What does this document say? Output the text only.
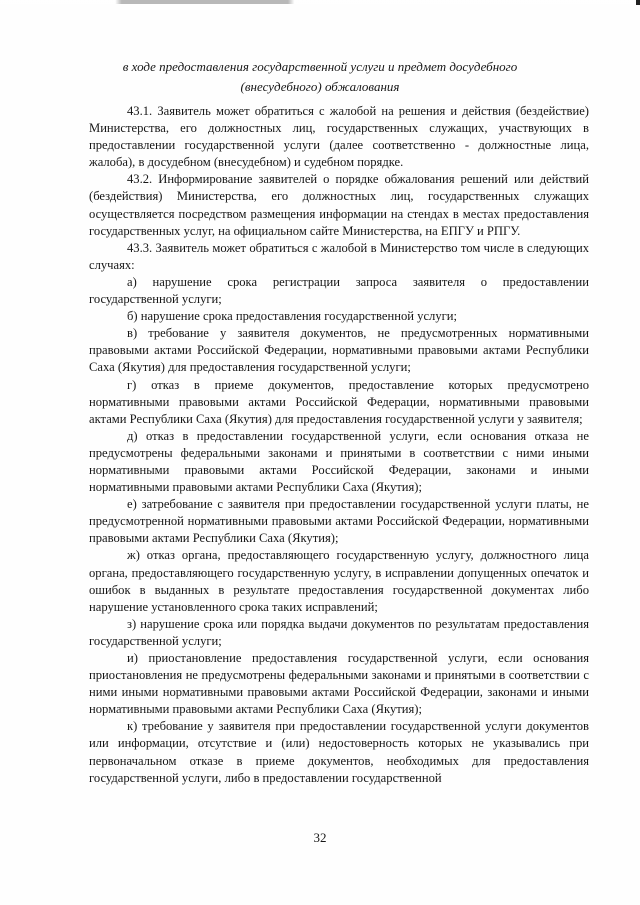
в ходе предоставления государственной услуги и предмет досудебного
(внесудебного) обжалования

43.1. Заявитель может обратиться с жалобой на решения и действия (бездействие) Министерства, его должностных лиц, государственных служащих, участвующих в предоставлении государственной услуги (далее соответственно - должностные лица, жалоба), в досудебном (внесудебном) и судебном порядке.

43.2. Информирование заявителей о порядке обжалования решений или действий (бездействия) Министерства, его должностных лиц, государственных служащих осуществляется посредством размещения информации на стендах в местах предоставления государственных услуг, на официальном сайте Министерства, на ЕПГУ и РПГУ.

43.3. Заявитель может обратиться с жалобой в Министерство том числе в следующих случаях:

а) нарушение срока регистрации запроса заявителя о предоставлении государственной услуги;

б) нарушение срока предоставления государственной услуги;

в) требование у заявителя документов, не предусмотренных нормативными правовыми актами Российской Федерации, нормативными правовыми актами Республики Саха (Якутия) для предоставления государственной услуги;

г) отказ в приеме документов, предоставление которых предусмотрено нормативными правовыми актами Российской Федерации, нормативными правовыми актами Республики Саха (Якутия) для предоставления государственной услуги у заявителя;

д) отказ в предоставлении государственной услуги, если основания отказа не предусмотрены федеральными законами и принятыми в соответствии с ними иными нормативными правовыми актами Российской Федерации, законами и иными нормативными правовыми актами Республики Саха (Якутия);

е) затребование с заявителя при предоставлении государственной услуги платы, не предусмотренной нормативными правовыми актами Российской Федерации, нормативными правовыми актами Республики Саха (Якутия);

ж) отказ органа, предоставляющего государственную услугу, должностного лица органа, предоставляющего государственную услугу, в исправлении допущенных опечаток и ошибок в выданных в результате предоставления государственной документах либо нарушение установленного срока таких исправлений;

з) нарушение срока или порядка выдачи документов по результатам предоставления государственной услуги;

и) приостановление предоставления государственной услуги, если основания приостановления не предусмотрены федеральными законами и принятыми в соответствии с ними иными нормативными правовыми актами Российской Федерации, законами и иными нормативными правовыми актами Республики Саха (Якутия);

к) требование у заявителя при предоставлении государственной услуги документов или информации, отсутствие и (или) недостоверность которых не указывались при первоначальном отказе в приеме документов, необходимых для предоставления государственной услуги, либо в предоставлении государственной

32
